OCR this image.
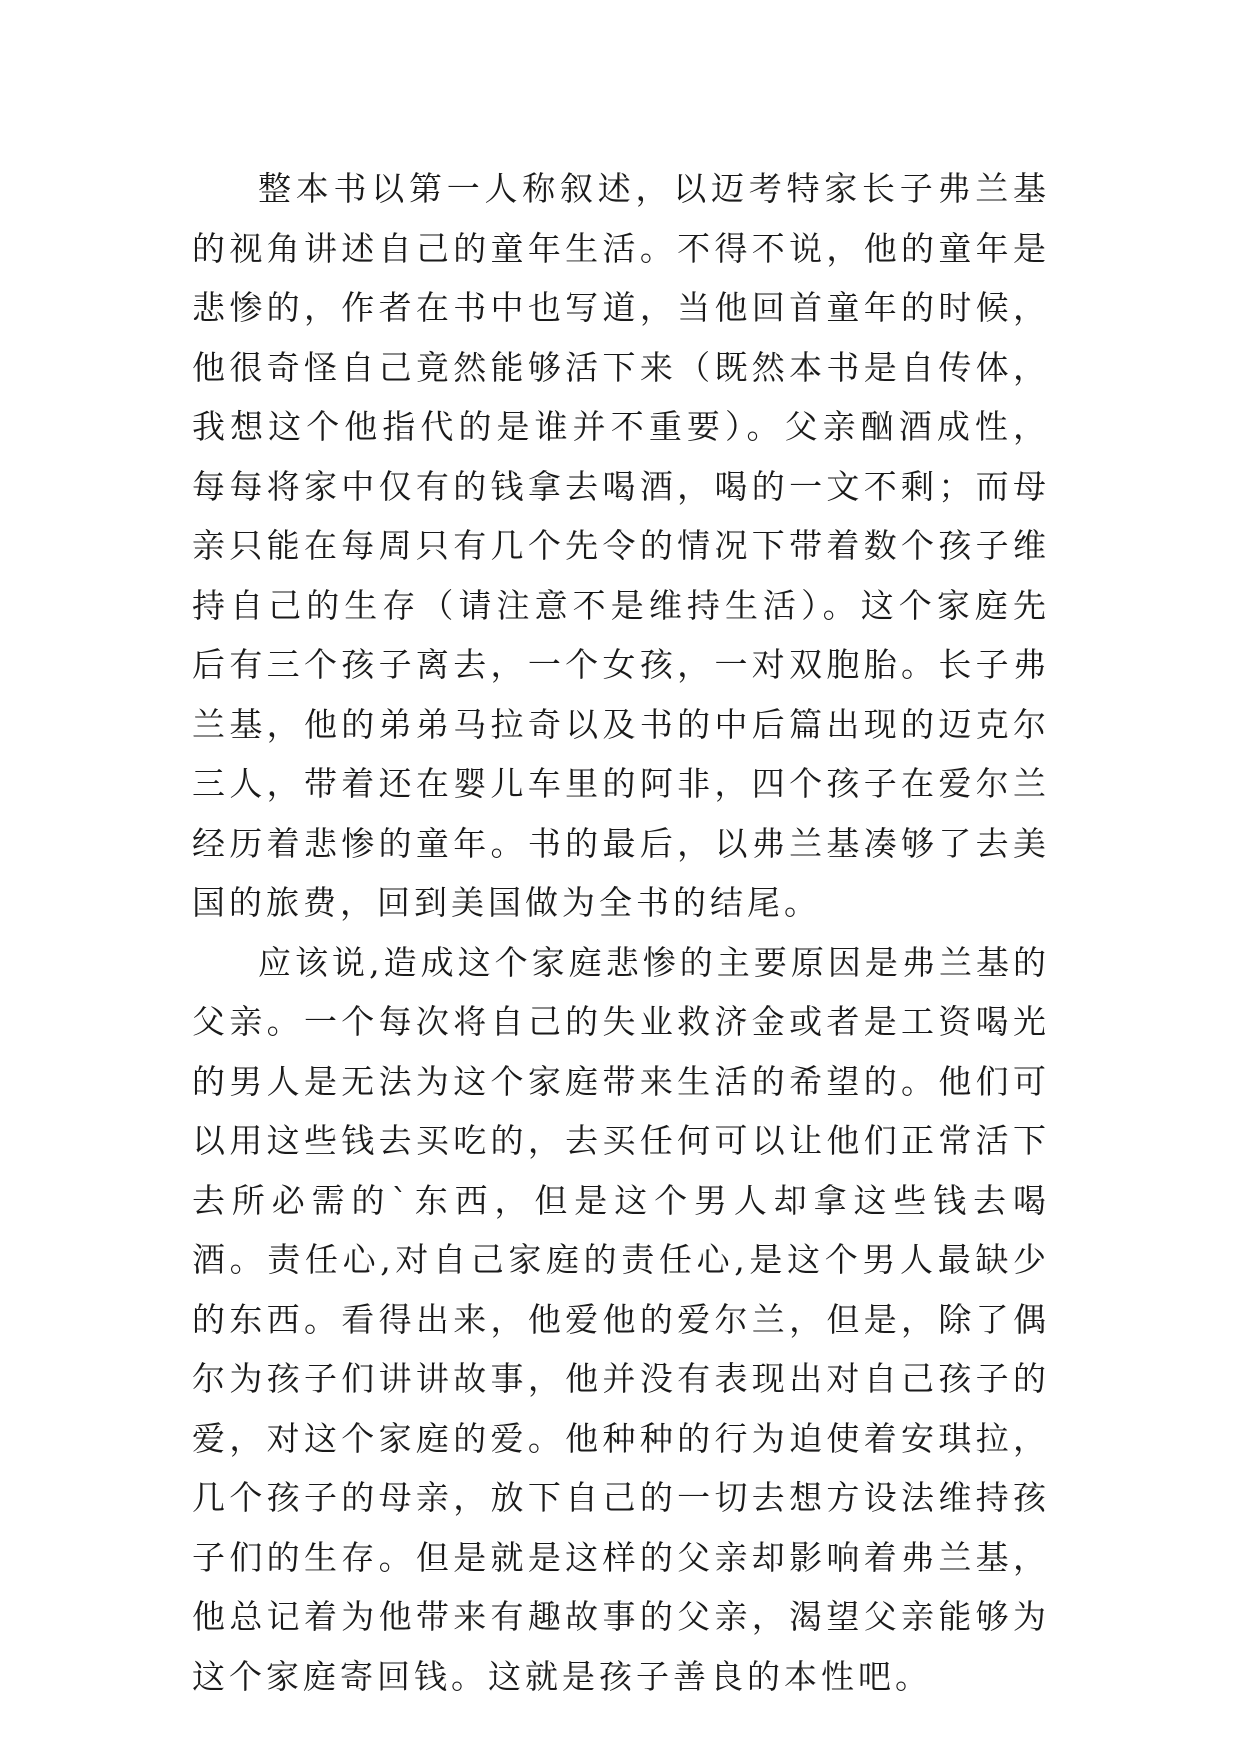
整本书以第一人称叙述，以迈考特家长子弗兰基的视角讲述自己的童年生活。不得不说，他的童年是悲惨的，作者在书中也写道，当他回首童年的时候，他很奇怪自己竟然能够活下来（既然本书是自传体，我想这个他指代的是谁并不重要）。父亲酗酒成性，每每将家中仅有的钱拿去喝酒，喝的一文不剩；而母亲只能在每周只有几个先令的情况下带着数个孩子维持自己的生存（请注意不是维持生活）。这个家庭先后有三个孩子离去，一个女孩，一对双胞胎。长子弗兰基，他的弟弟马拉奇以及书的中后篇出现的迈克尔三人，带着还在婴儿车里的阿非，四个孩子在爱尔兰经历着悲惨的童年。书的最后，以弗兰基凑够了去美国的旅费，回到美国做为全书的结尾。

应该说,造成这个家庭悲惨的主要原因是弗兰基的父亲。一个每次将自己的失业救济金或者是工资喝光的男人是无法为这个家庭带来生活的希望的。他们可以用这些钱去买吃的，去买任何可以让他们正常活下去所必需的`东西，但是这个男人却拿这些钱去喝酒。责任心,对自己家庭的责任心,是这个男人最缺少的东西。看得出来，他爱他的爱尔兰，但是，除了偶尔为孩子们讲讲故事，他并没有表现出对自己孩子的爱，对这个家庭的爱。他种种的行为迫使着安琪拉，几个孩子的母亲，放下自己的一切去想方设法维持孩子们的生存。但是就是这样的父亲却影响着弗兰基，他总记着为他带来有趣故事的父亲，渴望父亲能够为这个家庭寄回钱。这就是孩子善良的本性吧。
